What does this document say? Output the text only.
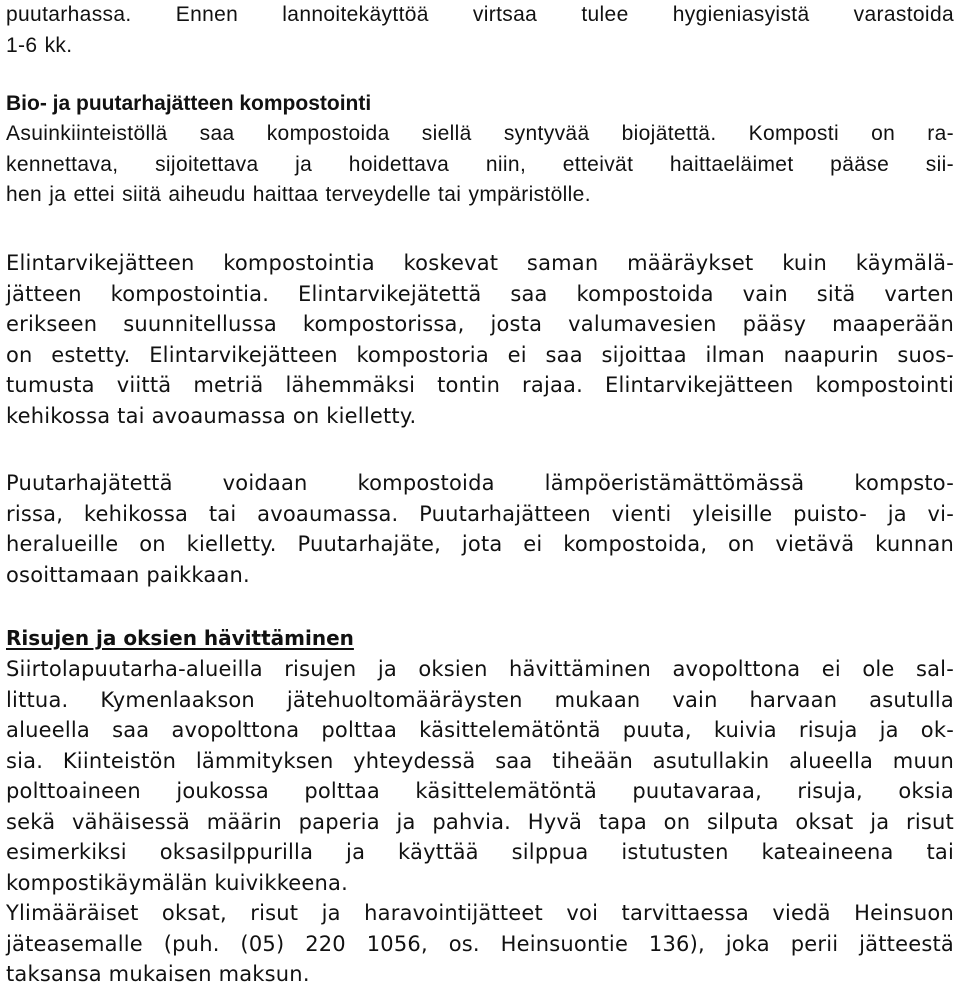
puutarhassa. Ennen lannoitekäyttöä virtsaa tulee hygieniasyistä varastoida
1-6 kk.
Bio- ja puutarhajätteen kompostointi
Asuinkiinteistöllä saa kompostoida siellä syntyvää biojätettä. Komposti on ra-
kennettava, sijoitettava ja hoidettava niin, etteivät haittaeläimet pääse sii-
hen ja ettei siitä aiheudu haittaa terveydelle tai ympäristölle.
Elintarvikejätteen kompostointia koskevat saman määräykset kuin käymälä-
jätteen kompostointia. Elintarvikejätettä saa kompostoida vain sitä varten
erikseen suunnitellussa kompostorissa, josta valumavesien pääsy maaperään
on estetty. Elintarvikejätteen kompostoria ei saa sijoittaa ilman naapurin suos-
tumusta viittä metriä lähemmäksi tontin rajaa. Elintarvikejätteen kompostointi
kehikossa tai avoaumassa on kielletty.
Puutarhajätettä voidaan kompostoida lämpöeristämättömässä kompsto-
rissa, kehikossa tai avoaumassa. Puutarhajätteen vienti yleisille puisto- ja vi-
heralueille on kielletty. Puutarhajäte, jota ei kompostoida, on vietävä kunnan
osoittamaan paikkaan.
Risujen ja oksien hävittäminen
Siirtolapuutarha-alueilla risujen ja oksien hävittäminen avopolttona ei ole sal-
littua. Kymenlaakson jätehuoltomääräysten mukaan vain harvaan asutulla
alueella saa avopolttona polttaa käsittelemätöntä puuta, kuivia risuja ja ok-
sia. Kiinteistön lämmityksen yhteydessä saa tiheään asutullakin alueella muun
polttoaineen joukossa polttaa käsittelemätöntä puutavaraa, risuja, oksia
sekä vähäisessä määrin paperia ja pahvia. Hyvä tapa on silputa oksat ja risut
esimerkiksi oksasilppurilla ja käyttää silppua istutusten kateaineena tai
kompostikäymälän kuivikkeena.
Ylimääräiset oksat, risut ja haravointijätteet voi tarvittaessa viedä Heinsuon
jäteasemalle (puh. (05) 220 1056, os. Heinsuontie 136), joka perii jätteestä
taksansa mukaisen maksun.
